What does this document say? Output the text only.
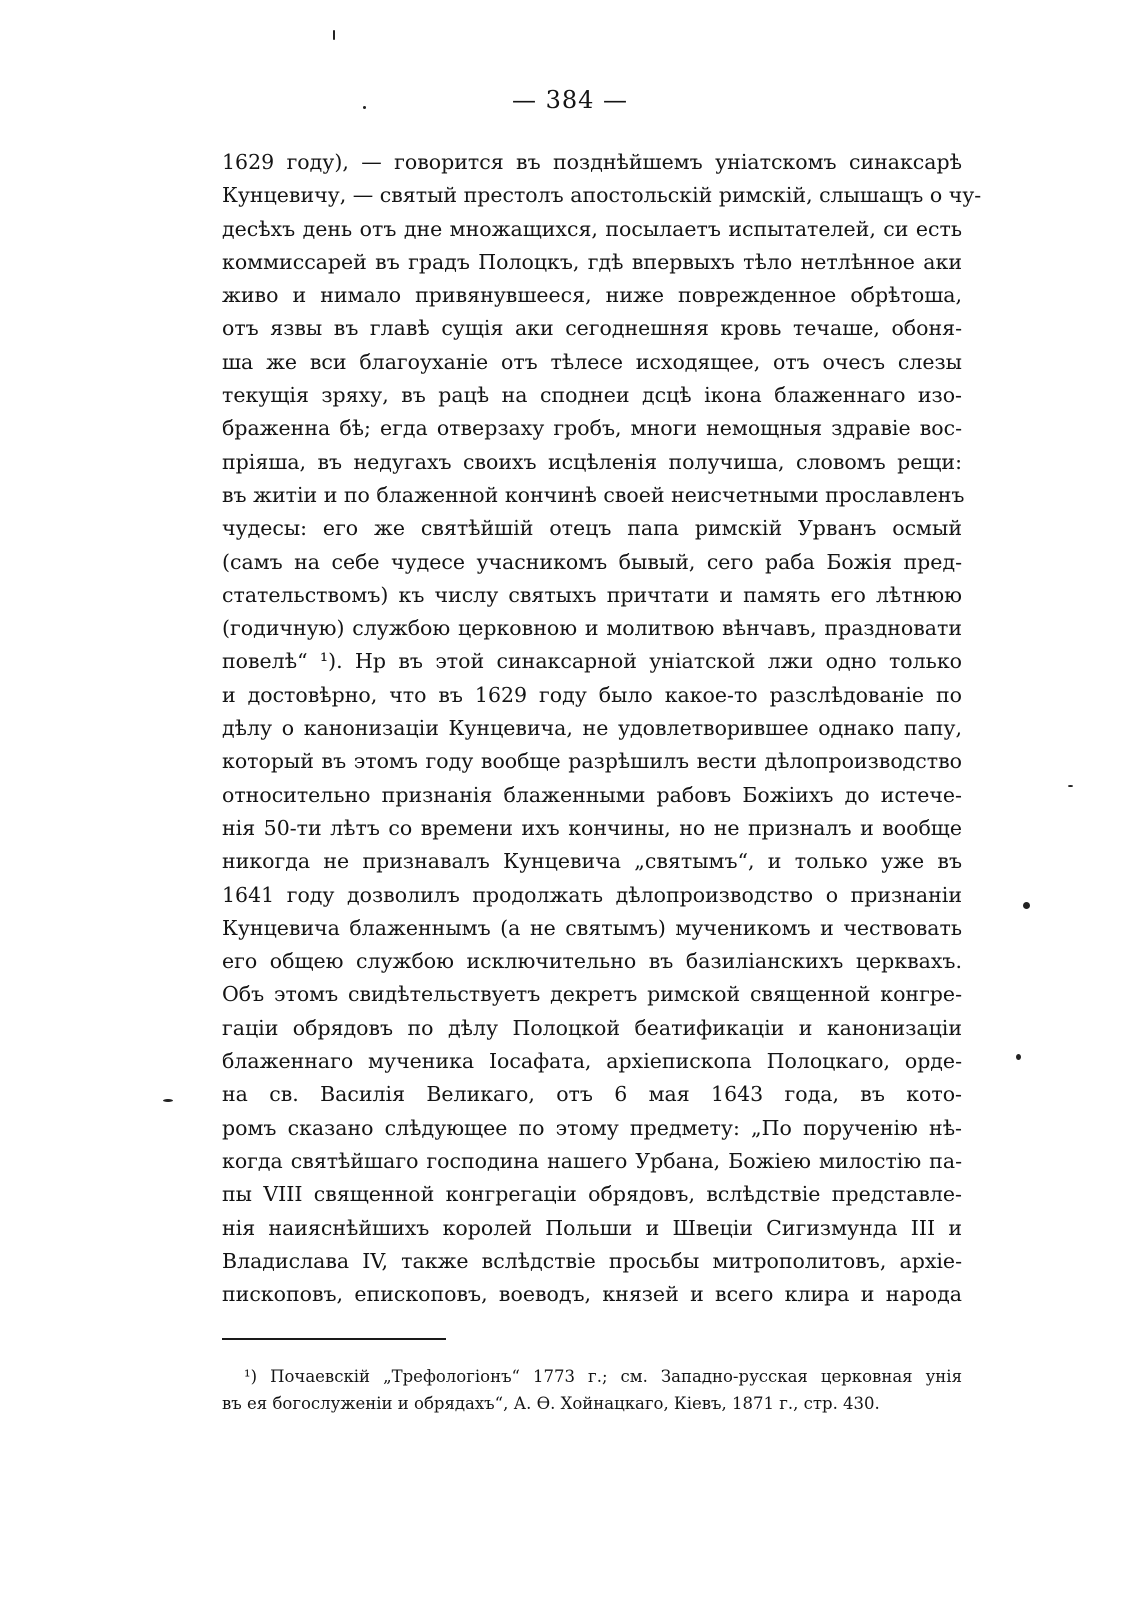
— 384 —
1629 году), — говорится въ позднѣйшемъ уніатскомъ синаксарѣ
Кунцевичу, — святый престолъ апостольскій римскій, слышащъ о чу-
десѣхъ день отъ дне множащихся, посылаетъ испытателей, си есть
коммиссарей въ градъ Полоцкъ, гдѣ впервыхъ тѣло нетлѣнное аки
живо и нимало привянувшееся, ниже поврежденное обрѣтоша,
отъ язвы въ главѣ сущія аки сегоднешняя кровь течаше, обоня-
ша же вси благоуханіе отъ тѣлесе исходящее, отъ очесъ слезы
текущія зряху, въ рацѣ на споднеи дсцѣ ікона блаженнаго изо-
браженна бѣ; егда отверзаху гробъ, многи немощныя здравіе вос-
пріяша, въ недугахъ своихъ исцѣленія получиша, словомъ рещи:
въ житіи и по блаженной кончинѣ своей неисчетными прославленъ
чудесы: его же святѣйшій отецъ папа римскій Урванъ осмый
(самъ на себе чудесе учасникомъ бывый, сего раба Божія пред-
стательствомъ) къ числу святыхъ причтати и память его лѣтнюю
(годичную) службою церковною и молитвою вѣнчавъ, праздновати
повелѣ“ ¹). Нр въ этой синаксарной уніатской лжи одно только
и достовѣрно, что въ 1629 году было какое-то разслѣдованіе по
дѣлу о канонизаціи Кунцевича, не удовлетворившее однако папу,
который въ этомъ году вообще разрѣшилъ вести дѣлопроизводство
относительно признанія блаженными рабовъ Божіихъ до истече-
нія 50-ти лѣтъ со времени ихъ кончины, но не призналъ и вообще
никогда не признавалъ Кунцевича „святымъ“, и только уже въ
1641 году дозволилъ продолжать дѣлопроизводство о признаніи
Кунцевича блаженнымъ (а не святымъ) мученикомъ и чествовать
его общею службою исключительно въ базиліанскихъ церквахъ.
Объ этомъ свидѣтельствуетъ декретъ римской священной конгре-
гаціи обрядовъ по дѣлу Полоцкой беатификаціи и канонизаціи
блаженнаго мученика Іосафата, архіепископа Полоцкаго, орде-
на св. Василія Великаго, отъ 6 мая 1643 года, въ кото-
ромъ сказано слѣдующее по этому предмету: „По порученію нѣ-
когда святѣйшаго господина нашего Урбана, Божіею милостію па-
пы VIII священной конгрегаціи обрядовъ, вслѣдствіе представле-
нія наияснѣйшихъ королей Польши и Швеціи Сигизмунда III и
Владислава IV, также вслѣдствіе просьбы митрополитовъ, архіе-
пископовъ, епископовъ, воеводъ, князей и всего клира и народа
¹) Почаевскій „Трефологіонъ“ 1773 г.; см. Западно-русская церковная унія
въ ея богослуженіи и обрядахъ“, А. Ѳ. Хойнацкаго, Кіевъ, 1871 г., стр. 430.
